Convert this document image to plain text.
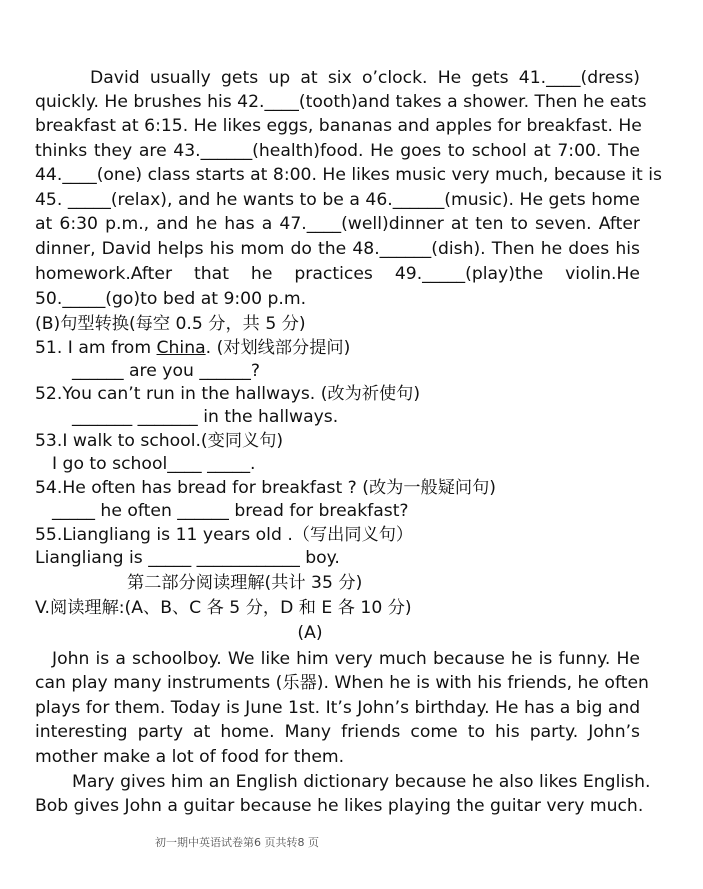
David usually gets up at six o’clock. He gets 41.____(dress)
quickly. He brushes his 42.____(tooth)and takes a shower. Then he eats
breakfast at 6:15. He likes eggs, bananas and apples for breakfast. He
thinks they are 43.______(health)food. He goes to school at 7:00. The
44.____(one) class starts at 8:00. He likes music very much, because it is
45. _____(relax), and he wants to be a 46.______(music). He gets home
at 6:30 p.m., and he has a 47.____(well)dinner at ten to seven. After
dinner, David helps his mom do the 48.______(dish). Then he does his
homework.After that he practices 49._____(play)the violin.He
50._____(go)to bed at 9:00 p.m.
(B)句型转换(每空 0.5 分，共 5 分)
51. I am from China. (对划线部分提问)
______ are you ______?
52.You can’t run in the hallways. (改为祈使句)
_______ _______ in the hallways.
53.I walk to school.(变同义句)
I go to school____ _____.
54.He often has bread for breakfast ? (改为一般疑问句)
_____ he often ______ bread for breakfast?
55.Liangliang is 11 years old .（写出同义句）
Liangliang is _____ ____________ boy.
第二部分阅读理解(共计 35 分)
V.阅读理解:(A、B、C 各 5 分，D 和 E 各 10 分)
(A)
John is a schoolboy. We like him very much because he is funny. He
can play many instruments (乐器). When he is with his friends, he often
plays for them. Today is June 1st. It’s John’s birthday. He has a big and
interesting party at home. Many friends come to his party. John’s
mother make a lot of food for them.
Mary gives him an English dictionary because he also likes English.
Bob gives John a guitar because he likes playing the guitar very much.
初一期中英语试卷第6 页共转8 页
